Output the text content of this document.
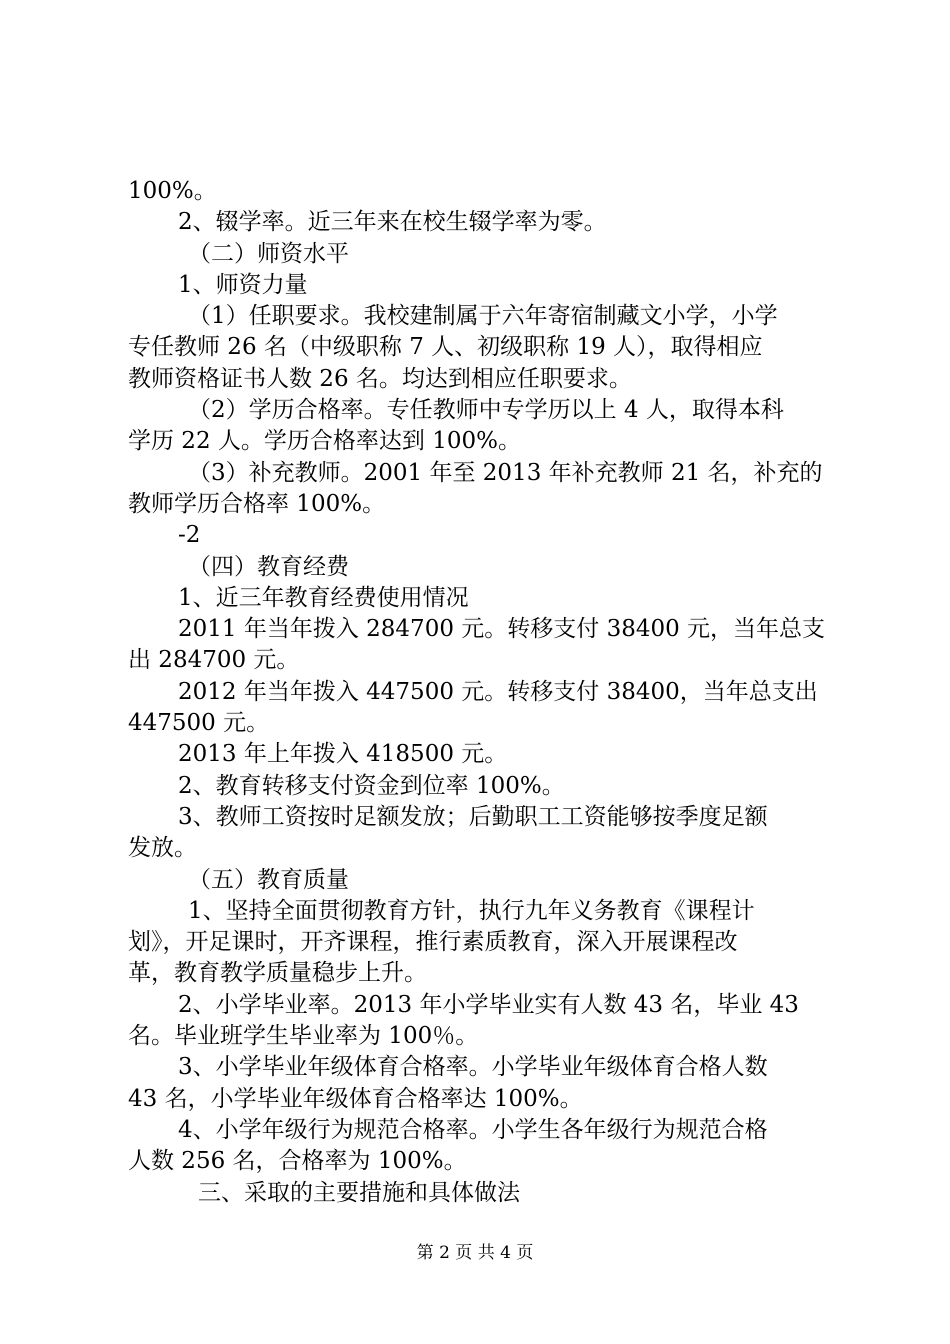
100%。

2、辍学率。近三年来在校生辍学率为零。

（二）师资水平

1、师资力量

（1）任职要求。我校建制属于六年寄宿制藏文小学，小学

专任教师 26 名（中级职称 7 人、初级职称 19 人），取得相应

教师资格证书人数 26 名。均达到相应任职要求。

（2）学历合格率。专任教师中专学历以上 4 人，取得本科

学历 22 人。学历合格率达到 100%。

（3）补充教师。2001 年至 2013 年补充教师 21 名，补充的

教师学历合格率 100%。

-2

（四）教育经费

1、近三年教育经费使用情况

2011 年当年拨入 284700 元。转移支付 38400 元，当年总支

出 284700 元。

2012 年当年拨入 447500 元。转移支付 38400，当年总支出

447500 元。

2013 年上年拨入 418500 元。

2、教育转移支付资金到位率 100%。

3、教师工资按时足额发放；后勤职工工资能够按季度足额

发放。

（五）教育质量

1、坚持全面贯彻教育方针，执行九年义务教育《课程计

划》，开足课时，开齐课程，推行素质教育，深入开展课程改

革，教育教学质量稳步上升。

2、小学毕业率。2013 年小学毕业实有人数 43 名，毕业 43

名。毕业班学生毕业率为 100％。

3、小学毕业年级体育合格率。小学毕业年级体育合格人数

43 名，小学毕业年级体育合格率达 100%。

4、小学年级行为规范合格率。小学生各年级行为规范合格

人数 256 名，合格率为 100%。

三、采取的主要措施和具体做法

第 2 页 共 4 页
